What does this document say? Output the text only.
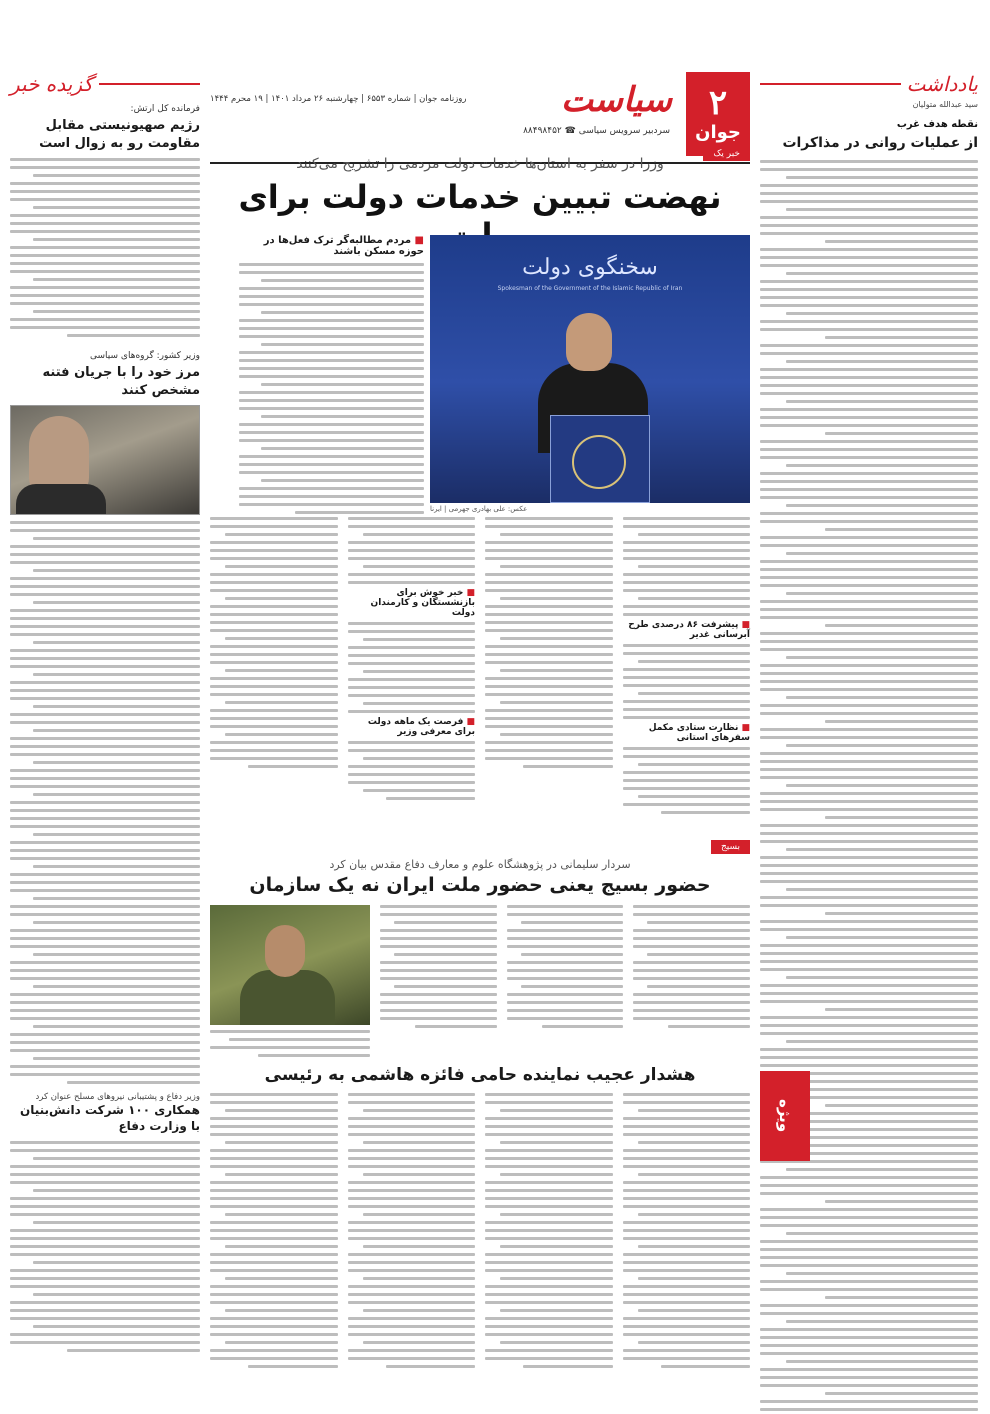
یادداشت
سید عبدالله متولیان
نقطه هدف غرب
از عملیات روانی در مذاکرات
گزیده خبر
فرمانده کل ارتش:
رژیم صهیونیستی مقابل مقاومت رو به زوال است
وزیر کشور: گروه‌های سیاسی
مرز خود را با جریان فتنه مشخص کنند
وزیر دفاع و پشتیبانی نیروهای مسلح عنوان کرد
همکاری ۱۰۰ شرکت دانش‌بنیان با وزارت دفاع
۲
جوان
سیاست
سردبیر سرویس سیاسی ☎ ۸۸۴۹۸۴۵۲
روزنامه جوان | شماره ۶۵۵۳ | چهارشنبه ۲۶ مرداد ۱۴۰۱ | ۱۹ محرم ۱۴۴۴
خبر یک
وزرا در سفر به استان‌ها خدمات دولت مردمی را تشریح می‌کنند
نهضت تبیین خدمات دولت برای
سخنگوی دولت
Spokesman of the Government of the Islamic Republic of Iran
عکس: علی بهادری جهرمی | ایرنا
■ مردم مطالبه‌گر ترک فعل‌ها در حوزه مسکن باشند
■ پیشرفت ۸۶ درصدی طرح آبرسانی غدیر
■ نظارت ستادی مکمل سفرهای استانی
■ خبر خوش برای بازنشستگان و کارمندان دولت
■ فرصت یک ماهه دولت برای معرفی وزیر
بسیج
سردار سلیمانی در پژوهشگاه علوم و معارف دفاع مقدس بیان کرد
حضور بسیج یعنی حضور ملت ایران نه یک سازمان
هشدار عجیب نماینده حامی فائزه هاشمی به رئیسی
ویژه
